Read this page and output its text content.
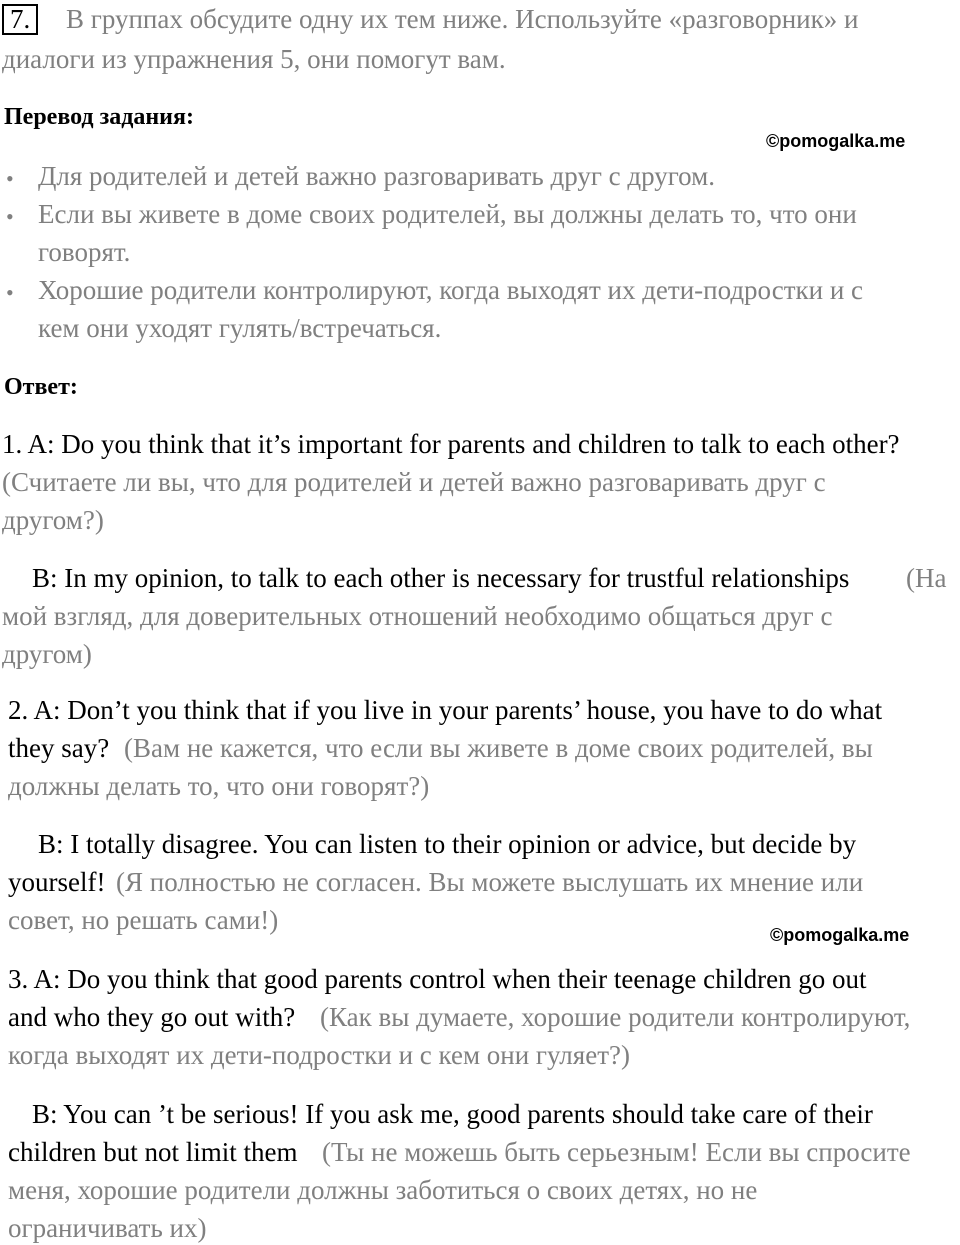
7. В группах обсудите одну их тем ниже. Используйте «разговорник» и
диалоги из упражнения 5, они помогут вам.
Перевод задания:
©pomogalka.me
• Для родителей и детей важно разговаривать друг с другом.
• Если вы живете в доме своих родителей, вы должны делать то, что они
говорят.
• Хорошие родители контролируют, когда выходят их дети-подростки и с
кем они уходят гулять/встречаться.
Ответ:
1. A: Do you think that it’s important for parents and children to talk to each other?
(Считаете ли вы, что для родителей и детей важно разговаривать друг с
другом?)
B: In my opinion, to talk to each other is necessary for trustful relationships (На
мой взгляд, для доверительных отношений необходимо общаться друг с
другом)
2. A: Don’t you think that if you live in your parents’ house, you have to do what
they say? (Вам не кажется, что если вы живете в доме своих родителей, вы
должны делать то, что они говорят?)
B: I totally disagree. You can listen to their opinion or advice, but decide by
yourself! (Я полностью не согласен. Вы можете выслушать их мнение или
совет, но решать сами!)	©pomogalka.me
3. A: Do you think that good parents control when their teenage children go out
and who they go out with? (Как вы думаете, хорошие родители контролируют,
когда выходят их дети-подростки и с кем они гуляет?)
B: You can ’t be serious! If you ask me, good parents should take care of their
children but not limit them (Ты не можешь быть серьезным! Если вы спросите
меня, хорошие родители должны заботиться о своих детях, но не
ограничивать их)
